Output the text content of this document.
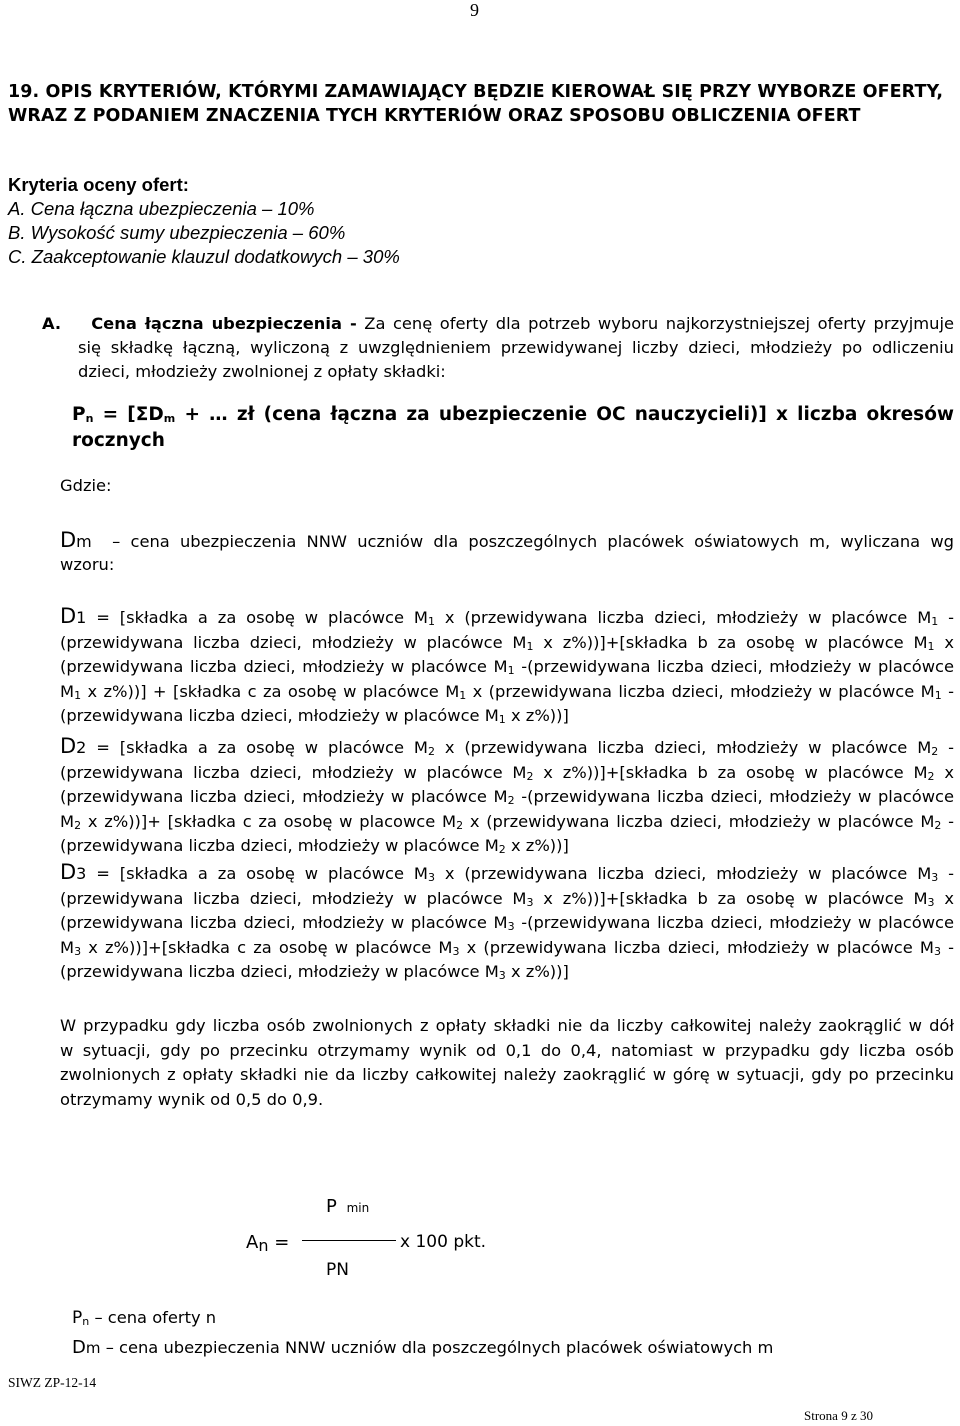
9
19. OPIS KRYTERIÓW, KTÓRYMI ZAMAWIAJĄCY BĘDZIE KIEROWAŁ SIĘ PRZY WYBORZE OFERTY,
WRAZ Z PODANIEM ZNACZENIA TYCH KRYTERIÓW ORAZ SPOSOBU OBLICZENIA OFERT
Kryteria oceny ofert:
A. Cena łączna ubezpieczenia – 10%
B. Wysokość sumy ubezpieczenia – 60%
C. Zaakceptowanie klauzul dodatkowych – 30%
A. Cena łączna ubezpieczenia - Za cenę oferty dla potrzeb wyboru najkorzystniejszej oferty przyjmuje
się składkę łączną, wyliczoną z uwzględnieniem przewidywanej liczby dzieci, młodzieży po odliczeniu
dzieci, młodzieży zwolnionej z opłaty składki:
$P_n = [\Sigma D_m$ + … zł (cena łączna za ubezpieczenie OC nauczycieli)] x liczba okresów
rocznych
Gdzie:
Dm – cena ubezpieczenia NNW uczniów dla poszczególnych placówek oświatowych m, wyliczana wg
wzoru:
D1 = [składka a za osobę w placówce $M_1$ x (przewidywana liczba dzieci, młodzieży w placówce $M_1$ -
(przewidywana liczba dzieci, młodzieży w placówce $M_1$ x z%))]+[składka b za osobę w placówce $M_1$ x
(przewidywana liczba dzieci, młodzieży w placówce $M_1$ -(przewidywana liczba dzieci, młodzieży w placówce
$M_1$ x z%))] + [składka c za osobę w placówce $M_1$ x (przewidywana liczba dzieci, młodzieży w placówce $M_1$ -
(przewidywana liczba dzieci, młodzieży w placówce $M_1$ x z%))]
D2 = [składka a za osobę w placówce $M_2$ x (przewidywana liczba dzieci, młodzieży w placówce $M_2$ -
(przewidywana liczba dzieci, młodzieży w placówce $M_2$ x z%))]+[składka b za osobę w placówce $M_2$ x
(przewidywana liczba dzieci, młodzieży w placówce $M_2$ -(przewidywana liczba dzieci, młodzieży w placówce
$M_2$ x z%))]+ [składka c za osobę w placowce $M_2$ x (przewidywana liczba dzieci, młodzieży w placówce $M_2$ -
(przewidywana liczba dzieci, młodzieży w placówce $M_2$ x z%))]
D3 = [składka a za osobę w placówce $M_3$ x (przewidywana liczba dzieci, młodzieży w placówce $M_3$ -
(przewidywana liczba dzieci, młodzieży w placówce $M_3$ x z%))]+[składka b za osobę w placówce $M_3$ x
(przewidywana liczba dzieci, młodzieży w placówce $M_3$ -(przewidywana liczba dzieci, młodzieży w placówce
$M_3$ x z%))]+[składka c za osobę w placówce $M_3$ x (przewidywana liczba dzieci, młodzieży w placówce $M_3$ -
(przewidywana liczba dzieci, młodzieży w placówce $M_3$ x z%))]
W przypadku gdy liczba osób zwolnionych z opłaty składki nie da liczby całkowitej należy zaokrąglić w dół
w sytuacji, gdy po przecinku otrzymamy wynik od 0,1 do 0,4, natomiast w przypadku gdy liczba osób
zwolnionych z opłaty składki nie da liczby całkowitej należy zaokrąglić w górę w sytuacji, gdy po przecinku
otrzymamy wynik od 0,5 do 0,9.
P min
An =	x 100 pkt.
PN
$P_n$ – cena oferty n
Dm – cena ubezpieczenia NNW uczniów dla poszczególnych placówek oświatowych m
SIWZ ZP-12-14
Strona 9 z 30
